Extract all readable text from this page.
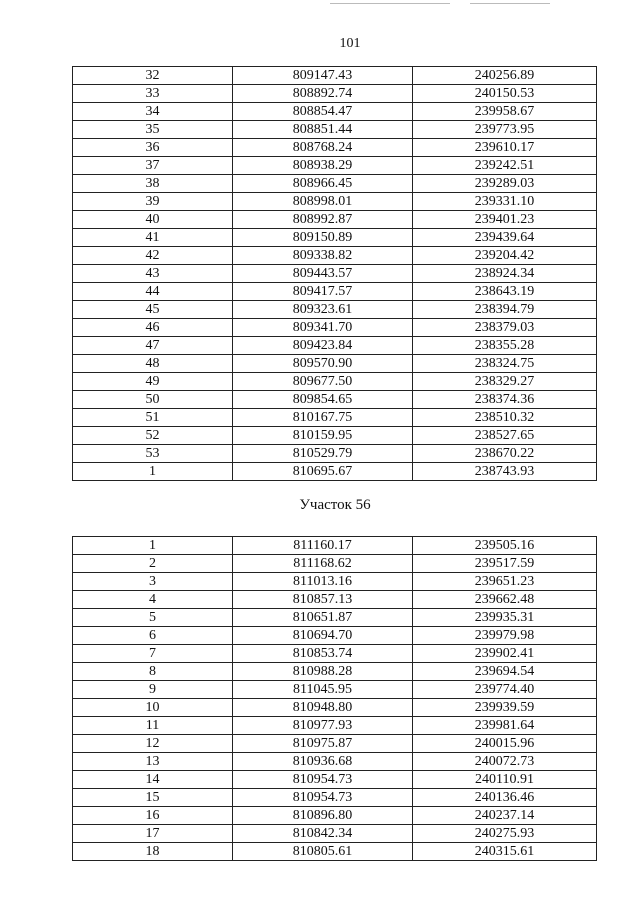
101
32	809147.43	240256.89
33	808892.74	240150.53
34	808854.47	239958.67
35	808851.44	239773.95
36	808768.24	239610.17
37	808938.29	239242.51
38	808966.45	239289.03
39	808998.01	239331.10
40	808992.87	239401.23
41	809150.89	239439.64
42	809338.82	239204.42
43	809443.57	238924.34
44	809417.57	238643.19
45	809323.61	238394.79
46	809341.70	238379.03
47	809423.84	238355.28
48	809570.90	238324.75
49	809677.50	238329.27
50	809854.65	238374.36
51	810167.75	238510.32
52	810159.95	238527.65
53	810529.79	238670.22
1	810695.67	238743.93
Участок 56
1	811160.17	239505.16
2	811168.62	239517.59
3	811013.16	239651.23
4	810857.13	239662.48
5	810651.87	239935.31
6	810694.70	239979.98
7	810853.74	239902.41
8	810988.28	239694.54
9	811045.95	239774.40
10	810948.80	239939.59
11	810977.93	239981.64
12	810975.87	240015.96
13	810936.68	240072.73
14	810954.73	240110.91
15	810954.73	240136.46
16	810896.80	240237.14
17	810842.34	240275.93
18	810805.61	240315.61
